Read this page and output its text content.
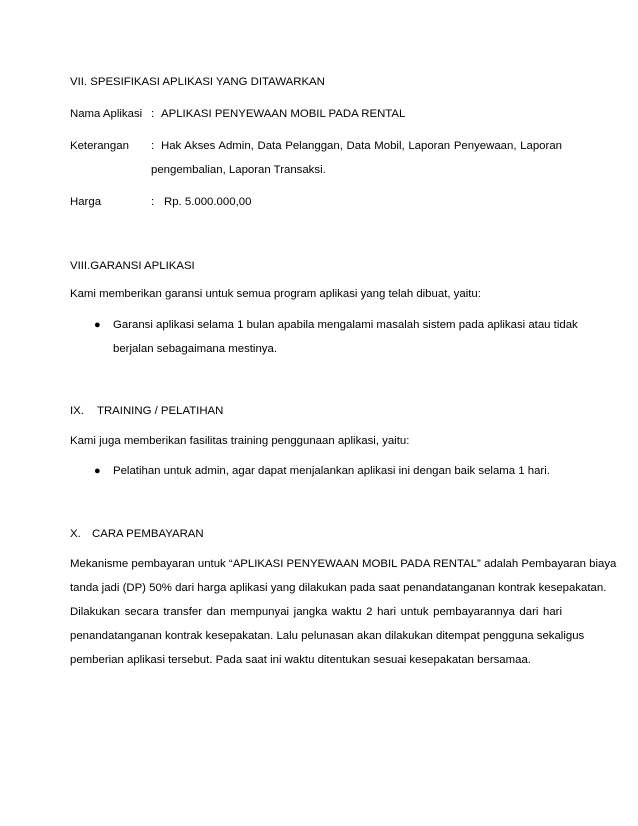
VII. SPESIFIKASI APLIKASI YANG DITAWARKAN
Nama Aplikasi : APLIKASI PENYEWAAN MOBIL PADA RENTAL
Keterangan : Hak Akses Admin, Data Pelanggan, Data Mobil, Laporan Penyewaan, Laporan
pengembalian, Laporan Transaksi.
Harga	: Rp. 5.000.000,00
VIII.GARANSI APLIKASI
Kami memberikan garansi untuk semua program aplikasi yang telah dibuat, yaitu:
● Garansi aplikasi selama 1 bulan apabila mengalami masalah sistem pada aplikasi atau tidak
berjalan sebagaimana mestinya.
IX. TRAINING / PELATIHAN
Kami juga memberikan fasilitas training penggunaan aplikasi, yaitu:
● Pelatihan untuk admin, agar dapat menjalankan aplikasi ini dengan baik selama 1 hari.
X. CARA PEMBAYARAN
Mekanisme pembayaran untuk “APLIKASI PENYEWAAN MOBIL PADA RENTAL” adalah Pembayaran biaya
tanda jadi (DP) 50% dari harga aplikasi yang dilakukan pada saat penandatanganan kontrak kesepakatan.
Dilakukan secara transfer dan mempunyai jangka waktu 2 hari untuk pembayarannya dari hari
penandatanganan kontrak kesepakatan. Lalu pelunasan akan dilakukan ditempat pengguna sekaligus
pemberian aplikasi tersebut. Pada saat ini waktu ditentukan sesuai kesepakatan bersamaa.
